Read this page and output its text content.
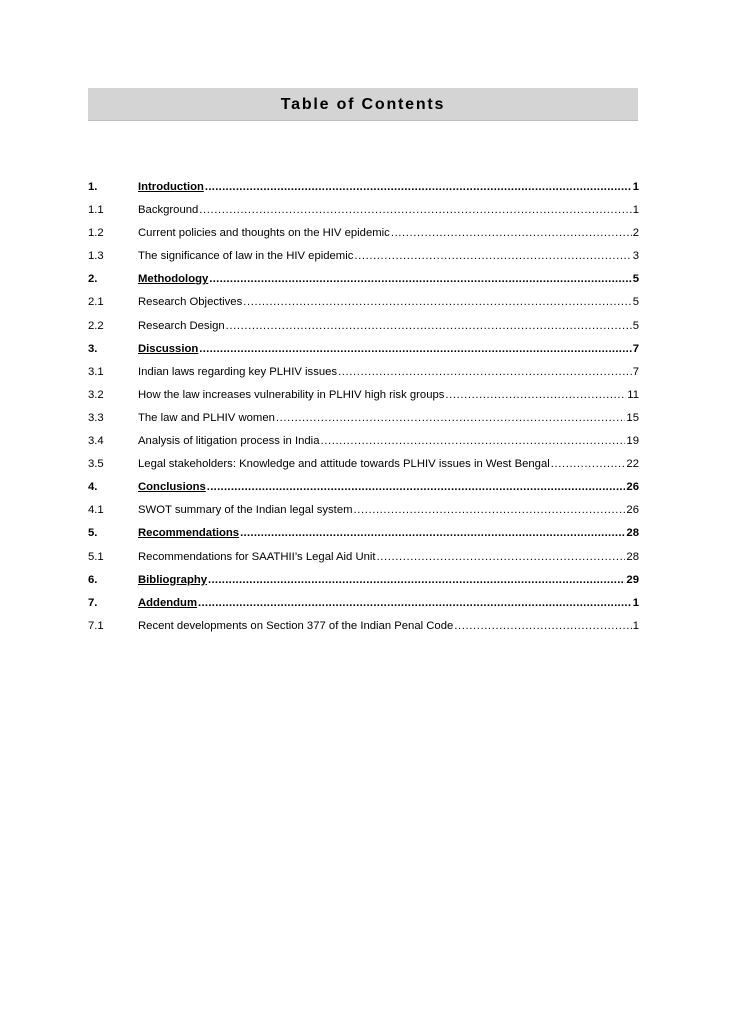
Table of Contents
1.	Introduction .....	1
1.1	Background .....	1
1.2	Current policies and thoughts on the HIV epidemic .....	2
1.3	The significance of law in the HIV epidemic .....	3
2.	Methodology .....	5
2.1	Research Objectives .....	5
2.2	Research Design .....	5
3.	Discussion .....	7
3.1	Indian laws regarding key PLHIV issues .....	7
3.2	How the law increases vulnerability in PLHIV high risk groups .....	11
3.3	The law and PLHIV women .....	15
3.4	Analysis of litigation process in India .....	19
3.5	Legal stakeholders: Knowledge and attitude towards PLHIV issues in West Bengal .....	22
4.	Conclusions .....	26
4.1	SWOT summary of the Indian legal system .....	26
5.	Recommendations .....	28
5.1	Recommendations for SAATHII’s Legal Aid Unit .....	28
6.	Bibliography .....	29
7.	Addendum .....	1
7.1	Recent developments on Section 377 of the Indian Penal Code .....	1
